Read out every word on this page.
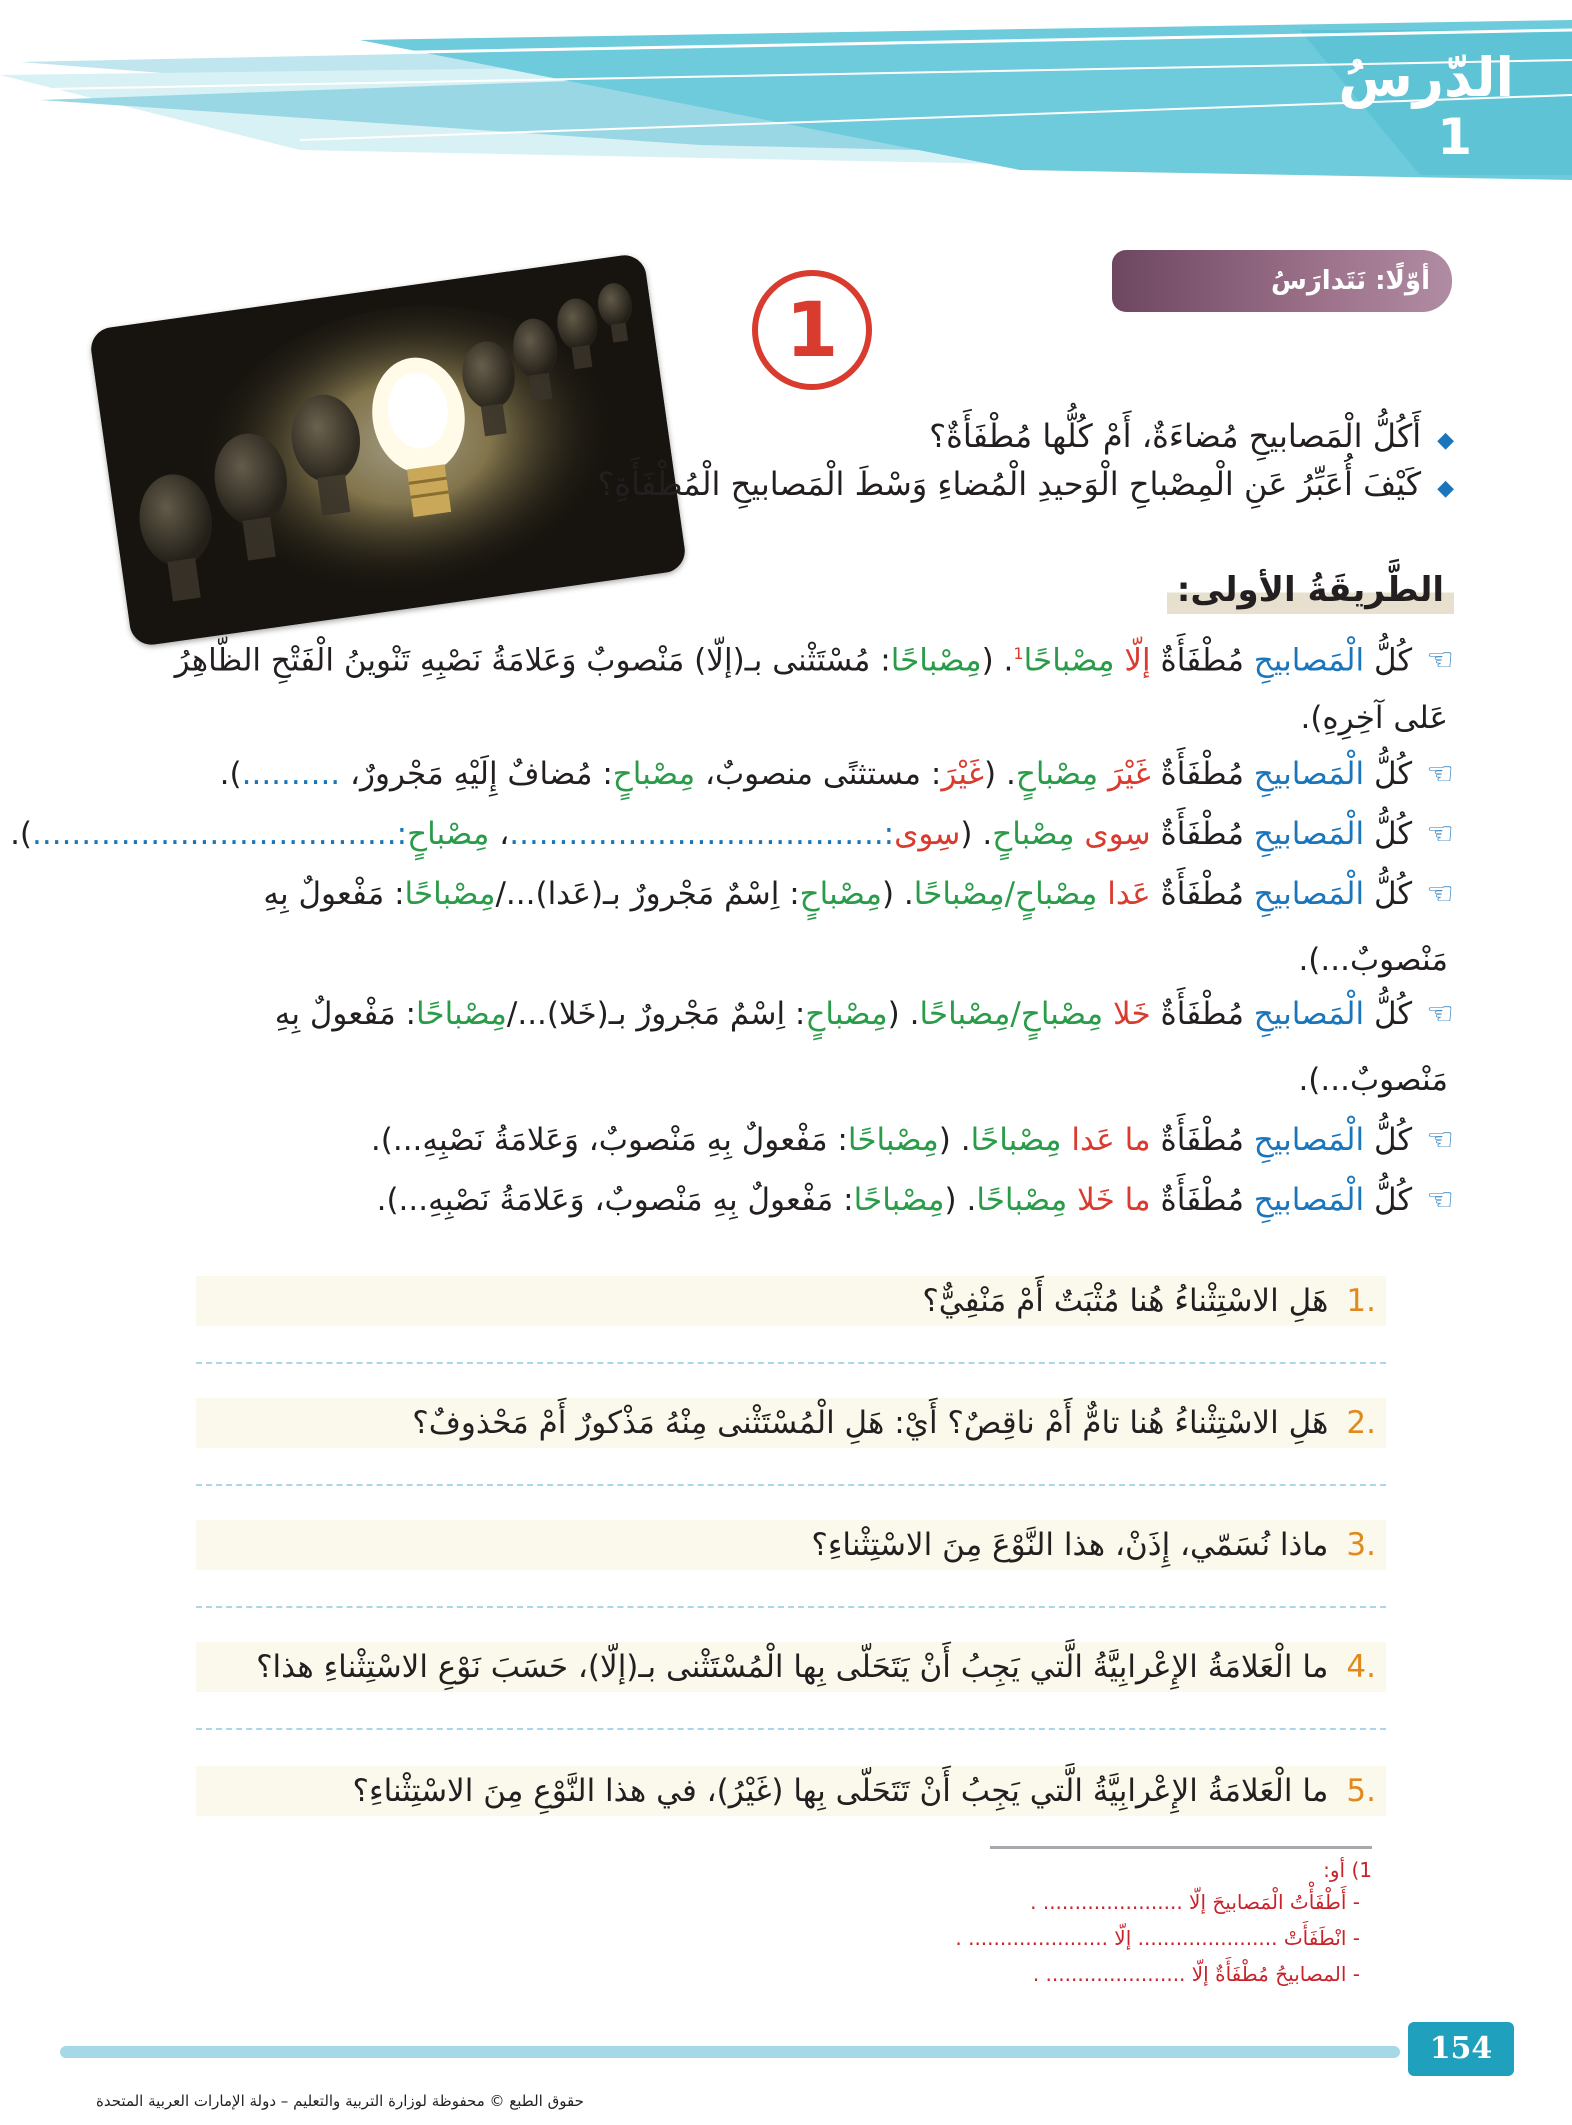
الدّرسُ
1
أوّلًا: نَتَدارَسُ
1
◆أَكُلُّ الْمَصابيحِ مُضاءَةٌ، أَمْ كُلُّها مُطْفَأَةٌ؟
◆كَيْفَ أُعَبِّرُ عَنِ الْمِصْباحِ الْوَحيدِ الْمُضاءِ وَسْطَ الْمَصابيحِ الْمُطْفَأَةِ؟
الطَّريقَةُ الأولى:
☜كُلُّ الْمَصابيحِ مُطْفَأَةٌ إلّا مِصْباحًا$^1$. (مِصْباحًا: مُسْتَثْنى بـ(إلّا) مَنْصوبٌ وَعَلامَةُ نَصْبِهِ تَنْوينُ الْفَتْحِ الظّاهِرُ
عَلى آخِرِهِ).
☜كُلُّ الْمَصابيحِ مُطْفَأَةٌ غَيْرَ مِصْباحٍ. (غَيْرَ: مستثنًى منصوبٌ، مِصْباحٍ: مُضافٌ إِلَيْهِ مَجْرورٌ، ..........).
☜كُلُّ الْمَصابيحِ مُطْفَأَةٌ سِوى مِصْباحٍ. (سِوى:......................................، مِصْباحٍ:.....................................).
☜كُلُّ الْمَصابيحِ مُطْفَأَةٌ عَدا مِصْباحٍ/مِصْباحًا. (مِصْباحٍ: اِسْمٌ مَجْرورٌ بـ(عَدا).../مِصْباحًا: مَفْعولٌ بِهِ
مَنْصوبٌ...).
☜كُلُّ الْمَصابيحِ مُطْفَأَةٌ خَلا مِصْباحٍ/مِصْباحًا. (مِصْباحٍ: اِسْمٌ مَجْرورٌ بـ(خَلا).../مِصْباحًا: مَفْعولٌ بِهِ
مَنْصوبٌ...).
☜كُلُّ الْمَصابيحِ مُطْفَأَةٌ ما عَدا مِصْباحًا. (مِصْباحًا: مَفْعولٌ بِهِ مَنْصوبٌ، وَعَلامَةُ نَصْبِهِ...).
☜كُلُّ الْمَصابيحِ مُطْفَأَةٌ ما خَلا مِصْباحًا. (مِصْباحًا: مَفْعولٌ بِهِ مَنْصوبٌ، وَعَلامَةُ نَصْبِهِ...).
.1هَلِ الاسْتِثْناءُ هُنا مُثْبَتٌ أَمْ مَنْفِيٌّ؟
.2هَلِ الاسْتِثْناءُ هُنا تامٌّ أَمْ ناقِصٌ؟ أَيْ: هَلِ الْمُسْتَثْنى مِنْهُ مَذْكورٌ أَمْ مَحْذوفٌ؟
.3ماذا نُسَمّي، إِذَنْ، هذا النَّوْعَ مِنَ الاسْتِثْناءِ؟
.4ما الْعَلامَةُ الإِعْرابِيَّةُ الَّتي يَجِبُ أَنْ يَتَحَلّى بِها الْمُسْتَثْنى بـ(إلّا)، حَسَبَ نَوْعِ الاسْتِثْناءِ هذا؟
.5ما الْعَلامَةُ الإِعْرابِيَّةُ الَّتي يَجِبُ أَنْ تَتَحَلّى بِها (غَيْرُ)، في هذا النَّوْعِ مِنَ الاسْتِثْناءِ؟
1) أو:
- أَطْفَأْتُ الْمَصابيحَ إلّا ...................... .
- انْطَفَأَتْ ...................... إلّا ...................... .
- المصابيحُ مُطْفَأَةٌ إلّا ...................... .
154
حقوق الطبع © محفوظة لوزارة التربية والتعليم – دولة الإمارات العربية المتحدة
